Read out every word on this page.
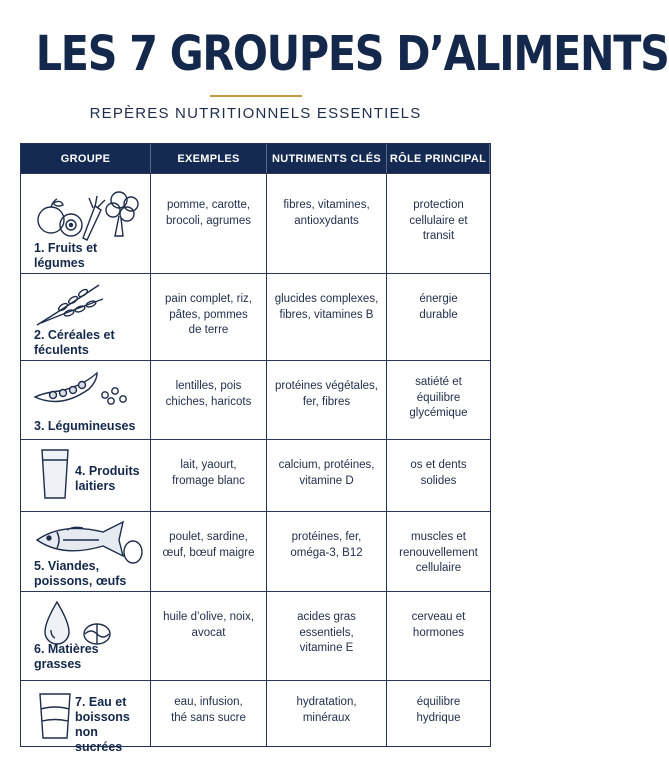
LES 7 GROUPES D’ALIMENTS
REPÈRES NUTRITIONNELS ESSENTIELS
GROUPE	EXEMPLES	NUTRIMENTS CLÉS RÔLE PRINCIPAL
1. Fruits et
légumes
pomme, carotte,
brocoli, agrumes
fibres, vitamines,
antioxydants
protection
cellulaire et
transit
2. Céréales et
féculents
pain complet, riz,
pâtes, pommes
de terre
glucides complexes,
fibres, vitamines B
énergie
durable
3. Légumineuses
lentilles, pois
chiches, haricots
protéines végétales,
fer, fibres
satiété et
équilibre
glycémique
4. Produits
laitiers
lait, yaourt,
fromage blanc
calcium, protéines,
vitamine D
os et dents
solides
5. Viandes,
poissons, œufs
poulet, sardine,
œuf, bœuf maigre
protéines, fer,
oméga-3, B12
muscles et
renouvellement
cellulaire
6. Matières
grasses
huile d’olive, noix,
avocat
acides gras essentiels,
vitamine E
cerveau et
hormones
7. Eau et
boissons non
sucrées
eau, infusion,
thé sans sucre
hydratation,
minéraux
équilibre
hydrique
